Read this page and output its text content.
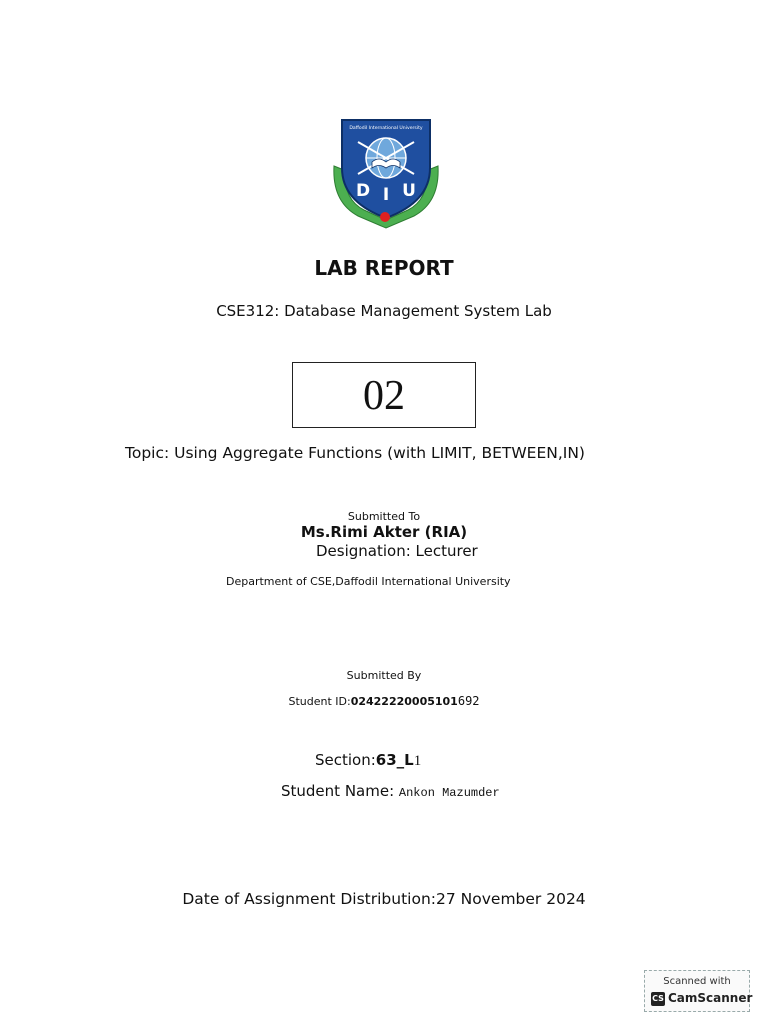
Daffodil International University
D I U
LAB REPORT
CSE312: Database Management System Lab
02
Topic: Using Aggregate Functions (with LIMIT, BETWEEN,IN)
Submitted To
Ms.Rimi Akter (RIA)
Designation: Lecturer
Department of CSE,Daffodil International University
Submitted By
Student ID:02422220005101692
Section:63_L1
Student Name: Ankon Mazumder
Date of Assignment Distribution:27 November 2024
Scanned with
CS CamScanner
